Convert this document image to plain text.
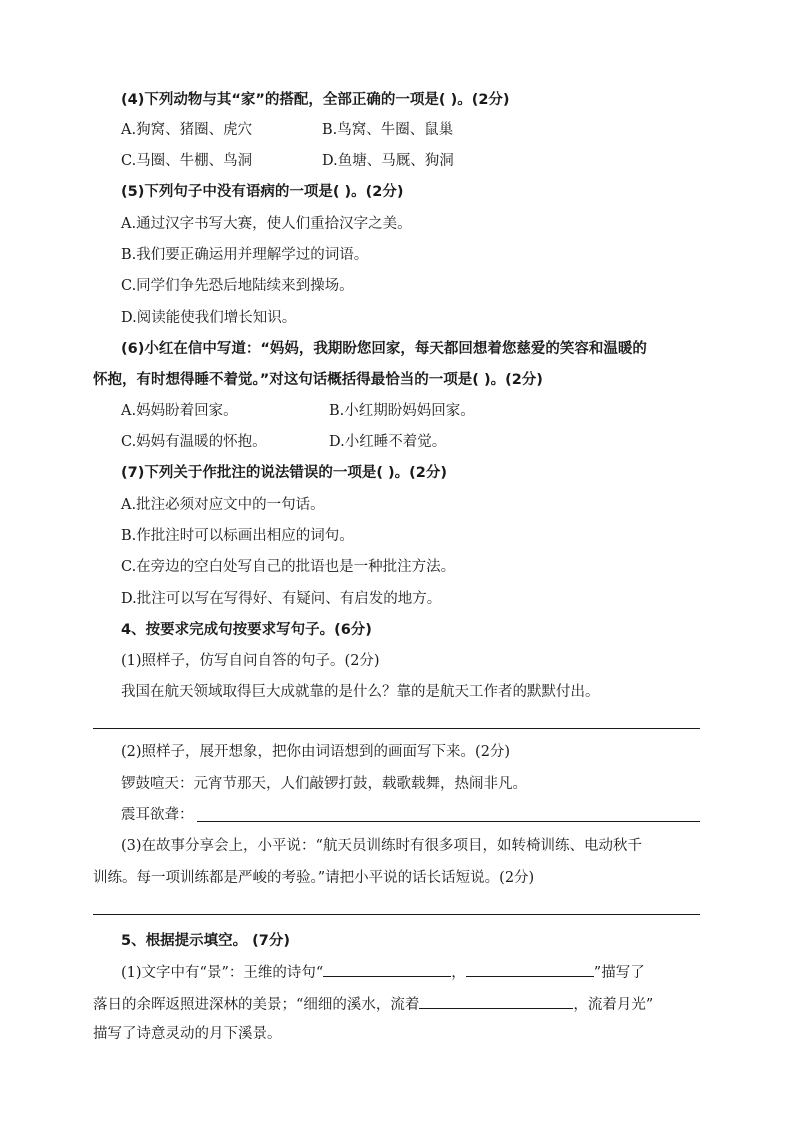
(4)下列动物与其“家”的搭配，全部正确的一项是( )。(2分)
A.狗窝、猪圈、虎穴	B.鸟窝、牛圈、鼠巢
C.马圈、牛棚、鸟洞	D.鱼塘、马厩、狗洞
(5)下列句子中没有语病的一项是( )。(2分)
A.通过汉字书写大赛，使人们重拾汉字之美。
B.我们要正确运用并理解学过的词语。
C.同学们争先恐后地陆续来到操场。
D.阅读能使我们增长知识。
(6)小红在信中写道：“妈妈，我期盼您回家，每天都回想着您慈爱的笑容和温暖的
怀抱，有时想得睡不着觉。”对这句话概括得最恰当的一项是( )。(2分)
A.妈妈盼着回家。	B.小红期盼妈妈回家。
C.妈妈有温暖的怀抱。	D.小红睡不着觉。
(7)下列关于作批注的说法错误的一项是( )。(2分)
A.批注必须对应文中的一句话。
B.作批注时可以标画出相应的词句。
C.在旁边的空白处写自己的批语也是一种批注方法。
D.批注可以写在写得好、有疑问、有启发的地方。
4、按要求完成句按要求写句子。(6分)
(1)照样子，仿写自问自答的句子。(2分)
我国在航天领域取得巨大成就靠的是什么？靠的是航天工作者的默默付出。
(2)照样子，展开想象，把你由词语想到的画面写下来。(2分)
锣鼓喧天：元宵节那天，人们敲锣打鼓，载歌载舞，热闹非凡。
震耳欲聋：
(3)在故事分享会上，小平说：“航天员训练时有很多项目，如转椅训练、电动秋千
训练。每一项训练都是严峻的考验。”请把小平说的话长话短说。(2分)
5、根据提示填空。 (7分)
(1)文字中有“景”：王维的诗句“	，	”描写了
落日的余晖返照进深林的美景；“细细的溪水，流着	，流着月光”
描写了诗意灵动的月下溪景。
